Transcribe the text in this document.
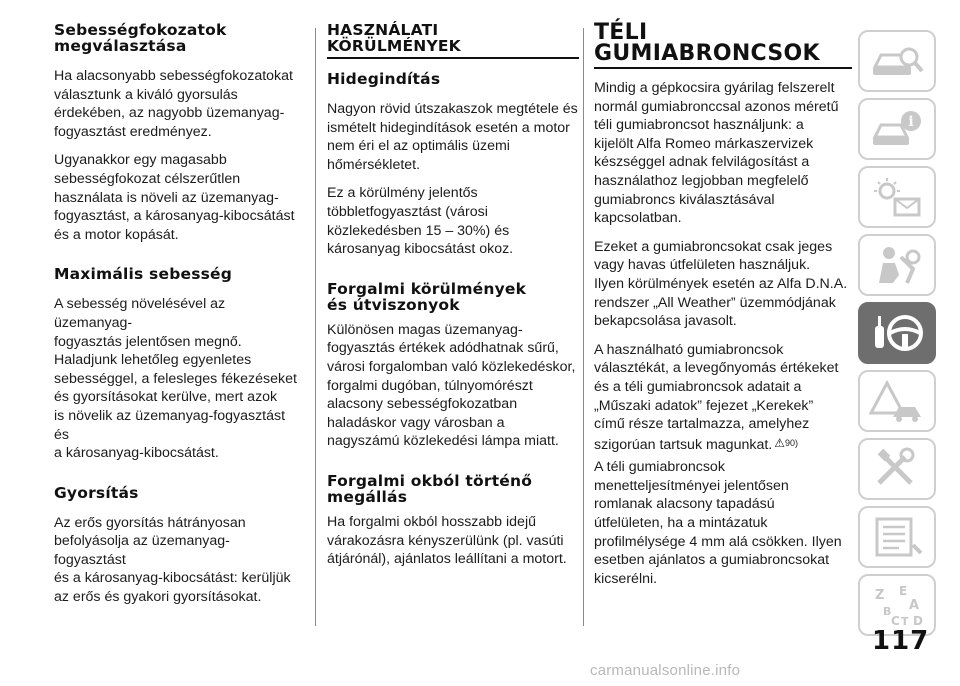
Sebességfokozatok
megválasztása

Ha alacsonyabb sebességfokozatokat
választunk a kiváló gyorsulás
érdekében, az nagyobb üzemanyag-
fogyasztást eredményez.

Ugyanakkor egy magasabb
sebességfokozat célszerűtlen
használata is növeli az üzemanyag-
fogyasztást, a károsanyag-kibocsátást
és a motor kopását.

Maximális sebesség

A sebesség növelésével az üzemanyag-
fogyasztás jelentősen megnő.
Haladjunk lehetőleg egyenletes
sebességgel, a felesleges fékezéseket
és gyorsításokat kerülve, mert azok
is növelik az üzemanyag-fogyasztást és
a károsanyag-kibocsátást.

Gyorsítás

Az erős gyorsítás hátrányosan
befolyásolja az üzemanyag-fogyasztást
és a károsanyag-kibocsátást: kerüljük
az erős és gyakori gyorsításokat.

HASZNÁLATI
KÖRÜLMÉNYEK
Hidegindítás

Nagyon rövid útszakaszok megtétele és
ismételt hidegindítások esetén a motor
nem éri el az optimális üzemi
hőmérsékletet.

Ez a körülmény jelentős
többletfogyasztást (városi
közlekedésben 15 – 30%) és
károsanyag kibocsátást okoz.

Forgalmi körülmények
és útviszonyok

Különösen magas üzemanyag-
fogyasztás értékek adódhatnak sűrű,
városi forgalomban való közlekedéskor,
forgalmi dugóban, túlnyomórészt
alacsony sebességfokozatban
haladáskor vagy városban a
nagyszámú közlekedési lámpa miatt.

Forgalmi okból történő
megállás

Ha forgalmi okból hosszabb idejű
várakozásra kényszerülünk (pl. vasúti
átjárónál), ajánlatos leállítani a motort.

TÉLI
GUMIABRONCSOK

Mindig a gépkocsira gyárilag felszerelt
normál gumiabronccsal azonos méretű
téli gumiabroncsot használjunk: a
kijelölt Alfa Romeo márkaszervizek
készséggel adnak felvilágosítást a
használathoz legjobban megfelelő
gumiabroncs kiválasztásával
kapcsolatban.

Ezeket a gumiabroncsokat csak jeges
vagy havas útfelületen használjuk.
Ilyen körülmények esetén az Alfa D.N.A.
rendszer „All Weather” üzemmódjának
bekapcsolása javasolt.

A használható gumiabroncsok
választékát, a levegőnyomás értékeket
és a téli gumiabroncsok adatait a
„Műszaki adatok” fejezet „Kerekek”
című része tartalmazza, amelyhez
szigorúan tartsuk magunkat. ⚠$^{90)}$

A téli gumiabroncsok
menetteljesítményei jelentősen
romlanak alacsony tapadású
útfelületen, ha a mintázatuk
profilmélysége 4 mm alá csökken. Ilyen
esetben ajánlatos a gumiabroncsokat
kicserélni.

i
Z E
A
B
C D
T
117
carmanualsonline.info
